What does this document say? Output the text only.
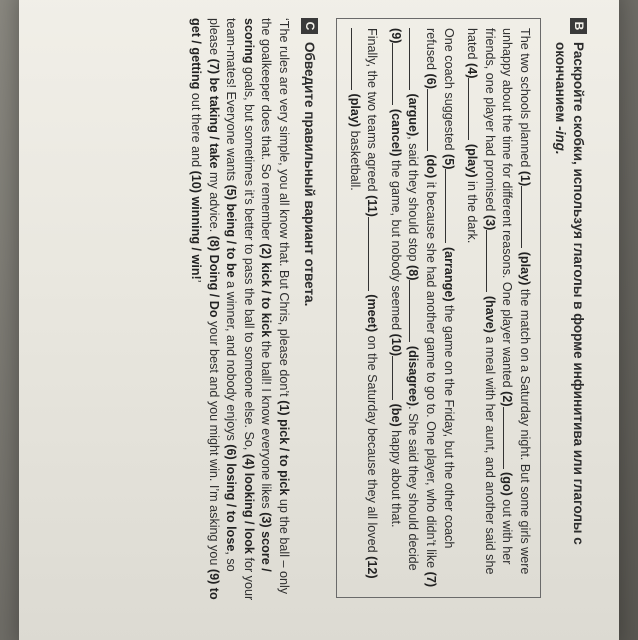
B
Раскройте скобки, используя глаголы в форме инфинитива или глаголы с окончанием -ing.

The two schools planned (1) (play) the match on a Saturday night. But some girls were unhappy about the time for different reasons. One player wanted (2) (go) out with her friends, one player had promised (3) (have) a meal with her aunt, and another said she hated (4) (play) in the dark.

One coach suggested (5) (arrange) the game on the Friday, but the other coach refused (6) (do) it because she had another game to go to. One player, who didn’t like (7) (argue), said they should stop (8) (disagree). She said they should decide (9) (cancel) the game, but nobody seemed (10) (be) happy about that.

Finally, the two teams agreed (11) (meet) on the Saturday because they all loved (12) (play) basketball.

C
Обведите правильный вариант ответа.

‘The rules are very simple, you all know that. But Chris, please don’t (1) pick / to pick up the ball – only the goalkeeper does that. So remember (2) kick / to kick the ball! I know everyone likes (3) score / scoring goals, but sometimes it’s better to pass the ball to someone else. So, (4) looking / look for your team-mates! Everyone wants (5) being / to be a winner, and nobody enjoys (6) losing / to lose, so please (7) be taking / take my advice. (8) Doing / Do your best and you might win. I’m asking you (9) to get / getting out there and (10) winning / win!’
